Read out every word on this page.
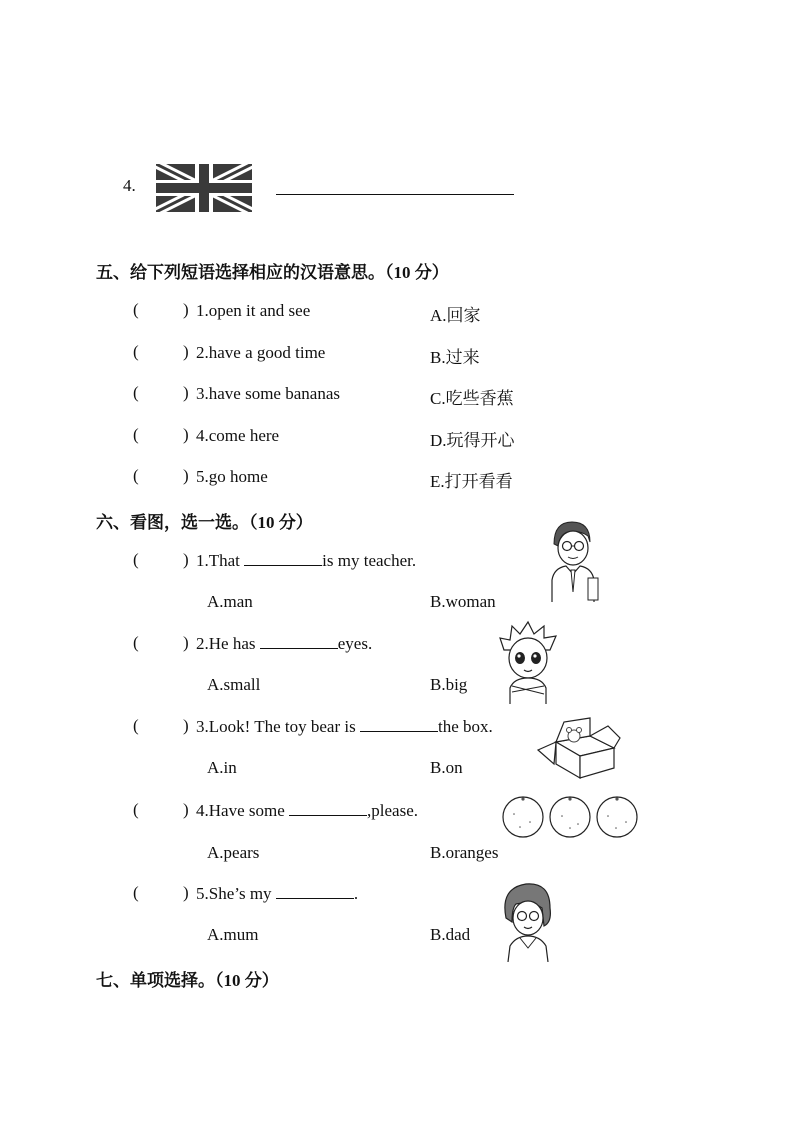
4.
五、给下列短语选择相应的汉语意思。（10 分）
(	) 1.open it and see	A.回家
(	) 2.have a good time	B.过来
(	) 3.have some bananas	C.吃些香蕉
(	) 4.come here	D.玩得开心
(	) 5.go home	E.打开看看
六、看图，选一选。（10 分）
(	) 1.That	is my teacher.
A.man	B.woman
(	) 2.He has	eyes.
A.small	B.big
(	) 3.Look! The toy bear is	the box.
A.in	B.on
(	) 4.Have some	,please.
A.pears	B.oranges
(	) 5.She’s my	.
A.mum	B.dad
七、单项选择。（10 分）
